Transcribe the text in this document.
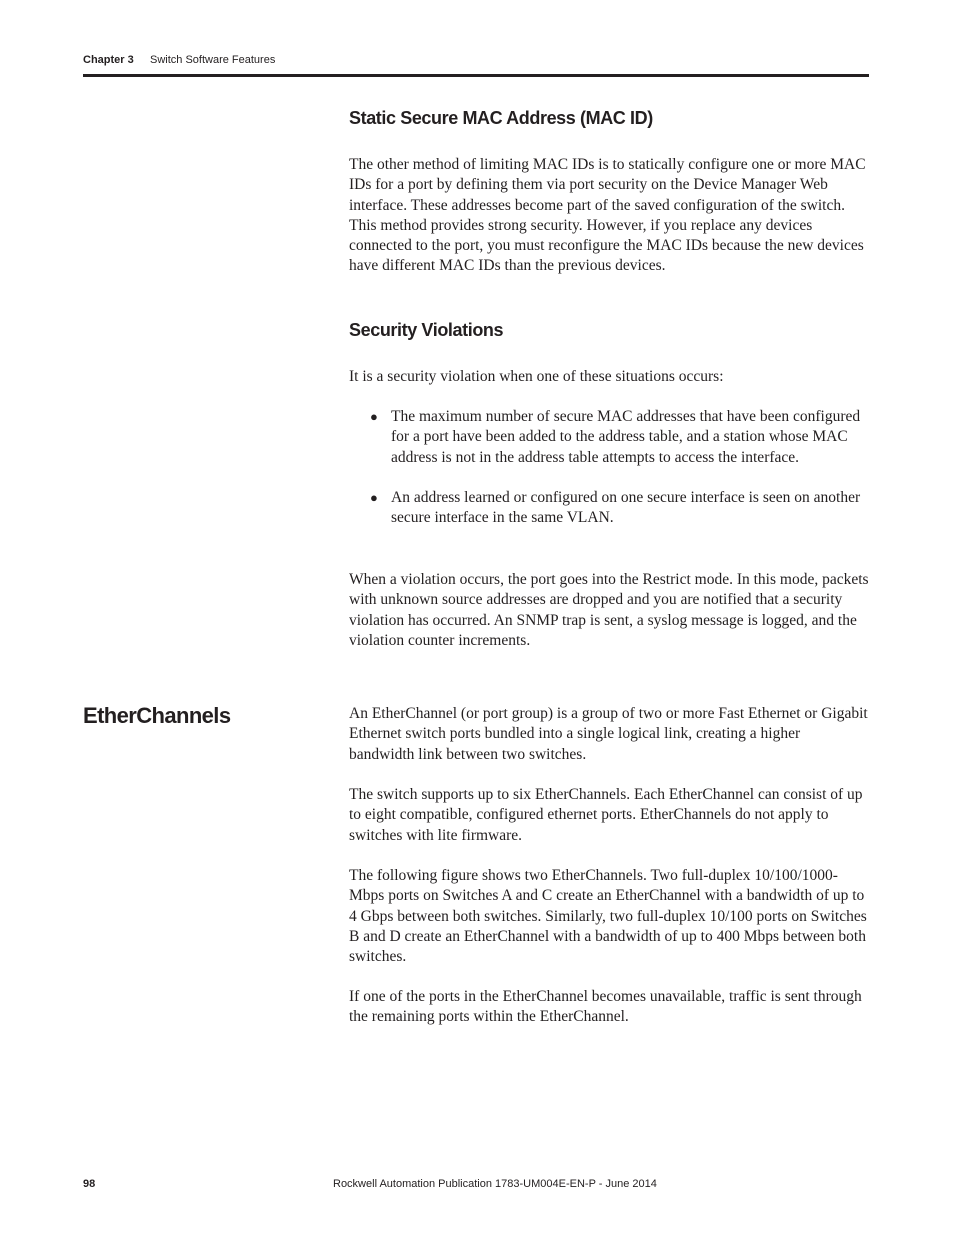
Chapter 3 Switch Software Features
Static Secure MAC Address (MAC ID)

The other method of limiting MAC IDs is to statically configure one or more MAC IDs for a port by defining them via port security on the Device Manager Web interface. These addresses become part of the saved configuration of the switch. This method provides strong security. However, if you replace any devices connected to the port, you must reconfigure the MAC IDs because the new devices have different MAC IDs than the previous devices.

Security Violations

It is a security violation when one of these situations occurs:

● The maximum number of secure MAC addresses that have been configured for a port have been added to the address table, and a station whose MAC address is not in the address table attempts to access the interface.
● An address learned or configured on one secure interface is seen on another secure interface in the same VLAN.

When a violation occurs, the port goes into the Restrict mode. In this mode, packets with unknown source addresses are dropped and you are notified that a security violation has occurred. An SNMP trap is sent, a syslog message is logged, and the violation counter increments.

EtherChannels	An EtherChannel (or port group) is a group of two or more Fast Ethernet or Gigabit Ethernet switch ports bundled into a single logical link, creating a higher bandwidth link between two switches.

The switch supports up to six EtherChannels. Each EtherChannel can consist of up to eight compatible, configured ethernet ports. EtherChannels do not apply to switches with lite firmware.

The following figure shows two EtherChannels. Two full-duplex 10/100/1000-Mbps ports on Switches A and C create an EtherChannel with a bandwidth of up to 4 Gbps between both switches. Similarly, two full-duplex 10/100 ports on Switches B and D create an EtherChannel with a bandwidth of up to 400 Mbps between both switches.

If one of the ports in the EtherChannel becomes unavailable, traffic is sent through the remaining ports within the EtherChannel.

98	Rockwell Automation Publication 1783-UM004E-EN-P - June 2014
